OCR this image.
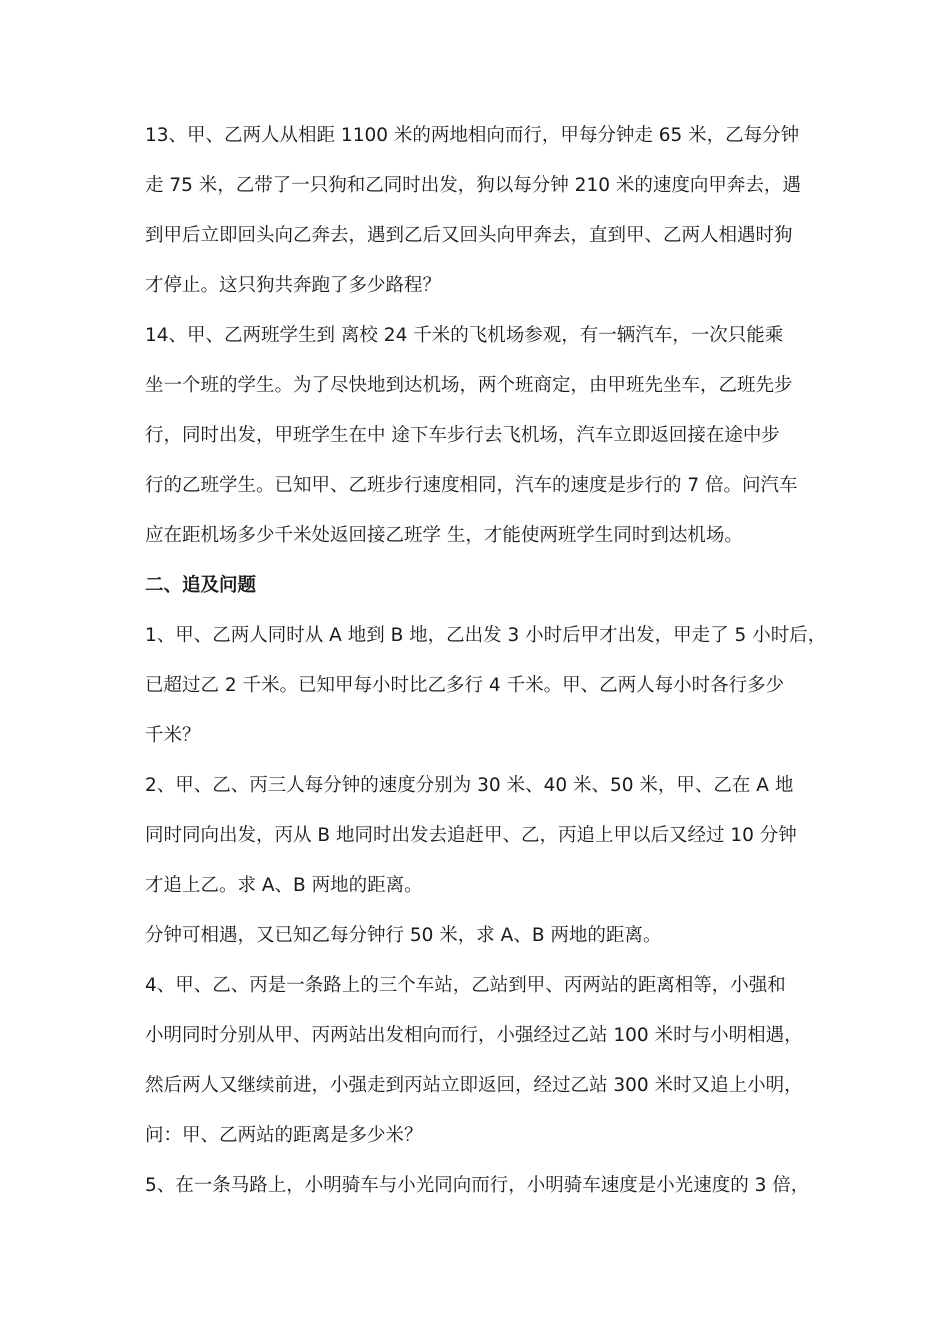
13、甲、乙两人从相距 1100 米的两地相向而行，甲每分钟走 65 米，乙每分钟
走 75 米，乙带了一只狗和乙同时出发，狗以每分钟 210 米的速度向甲奔去，遇
到甲后立即回头向乙奔去，遇到乙后又回头向甲奔去，直到甲、乙两人相遇时狗
才停止。这只狗共奔跑了多少路程？
14、甲、乙两班学生到 离校 24 千米的飞机场参观，有一辆汽车，一次只能乘
坐一个班的学生。为了尽快地到达机场，两个班商定，由甲班先坐车，乙班先步
行，同时出发，甲班学生在中 途下车步行去飞机场，汽车立即返回接在途中步
行的乙班学生。已知甲、乙班步行速度相同，汽车的速度是步行的 7 倍。问汽车
应在距机场多少千米处返回接乙班学 生，才能使两班学生同时到达机场。
二、追及问题
1、甲、乙两人同时从 A 地到 B 地，乙出发 3 小时后甲才出发，甲走了 5 小时后，
已超过乙 2 千米。已知甲每小时比乙多行 4 千米。甲、乙两人每小时各行多少
千米？
2、甲、乙、丙三人每分钟的速度分别为 30 米、40 米、50 米，甲、乙在 A 地
同时同向出发，丙从 B 地同时出发去追赶甲、乙，丙追上甲以后又经过 10 分钟
才追上乙。求 A、B 两地的距离。
分钟可相遇，又已知乙每分钟行 50 米，求 A、B 两地的距离。
4、甲、乙、丙是一条路上的三个车站，乙站到甲、丙两站的距离相等，小强和
小明同时分别从甲、丙两站出发相向而行，小强经过乙站 100 米时与小明相遇，
然后两人又继续前进，小强走到丙站立即返回，经过乙站 300 米时又追上小明，
问：甲、乙两站的距离是多少米？
5、在一条马路上，小明骑车与小光同向而行，小明骑车速度是小光速度的 3 倍，
